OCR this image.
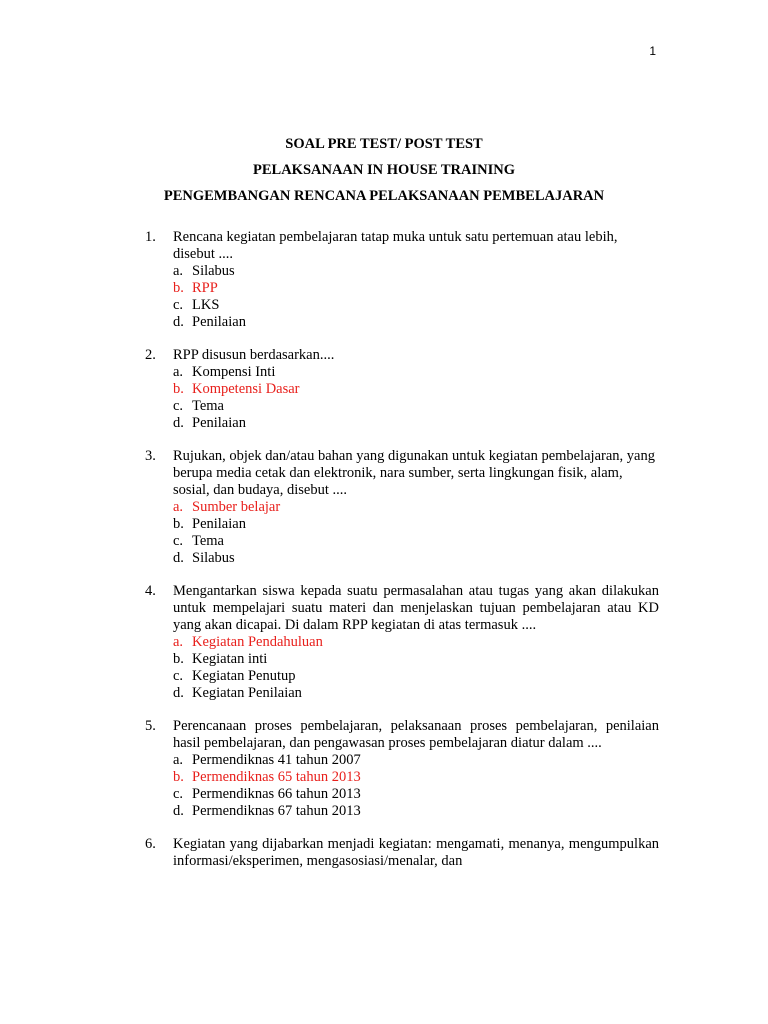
1
SOAL PRE TEST/ POST TEST
PELAKSANAAN IN HOUSE TRAINING
PENGEMBANGAN RENCANA PELAKSANAAN PEMBELAJARAN
1. Rencana kegiatan pembelajaran tatap muka untuk satu pertemuan atau lebih, disebut ....
a. Silabus
b. RPP
c. LKS
d. Penilaian
2. RPP disusun berdasarkan....
a. Kompensi Inti
b. Kompetensi Dasar
c. Tema
d. Penilaian
3. Rujukan, objek dan/atau bahan yang digunakan untuk kegiatan pembelajaran, yang berupa media cetak dan elektronik, nara sumber, serta lingkungan fisik, alam, sosial, dan budaya, disebut ....
a. Sumber belajar
b. Penilaian
c. Tema
d. Silabus
4. Mengantarkan siswa kepada suatu permasalahan atau tugas yang akan dilakukan untuk mempelajari suatu materi dan menjelaskan tujuan pembelajaran atau KD yang akan dicapai. Di dalam RPP kegiatan di atas termasuk ....
a. Kegiatan Pendahuluan
b. Kegiatan inti
c. Kegiatan Penutup
d. Kegiatan Penilaian
5. Perencanaan proses pembelajaran, pelaksanaan proses pembelajaran, penilaian hasil pembelajaran, dan pengawasan proses pembelajaran diatur dalam ....
a. Permendiknas 41 tahun 2007
b. Permendiknas 65 tahun 2013
c. Permendiknas 66 tahun 2013
d. Permendiknas 67 tahun 2013
6. Kegiatan yang dijabarkan menjadi kegiatan: mengamati, menanya, mengumpulkan informasi/eksperimen, mengasosiasi/menalar, dan
